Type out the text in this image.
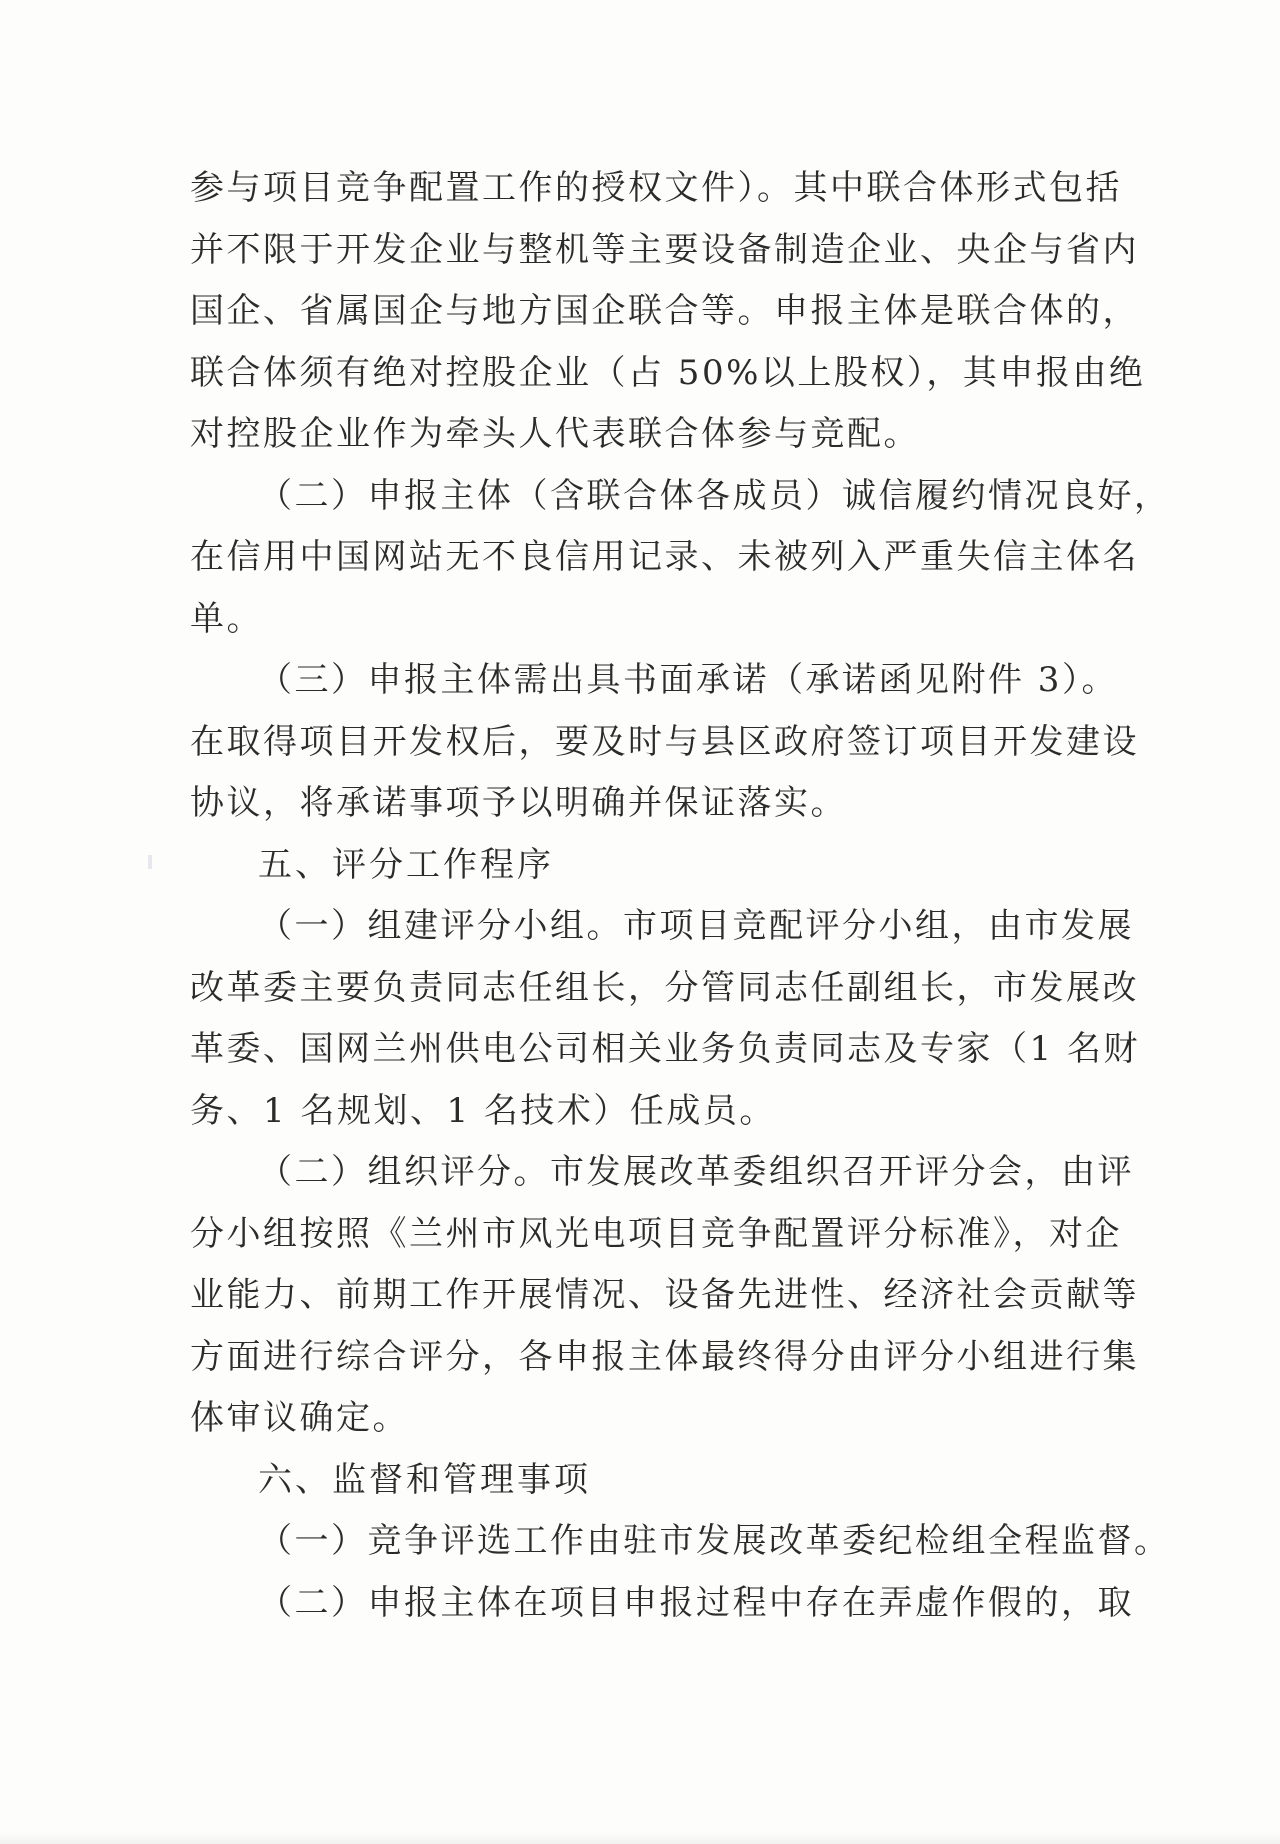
参与项目竞争配置工作的授权文件）。其中联合体形式包括
并不限于开发企业与整机等主要设备制造企业、央企与省内
国企、省属国企与地方国企联合等。申报主体是联合体的，
联合体须有绝对控股企业（占 50%以上股权），其申报由绝
对控股企业作为牵头人代表联合体参与竞配。
（二）申报主体（含联合体各成员）诚信履约情况良好，
在信用中国网站无不良信用记录、未被列入严重失信主体名
单。
（三）申报主体需出具书面承诺（承诺函见附件 3）。
在取得项目开发权后，要及时与县区政府签订项目开发建设
协议，将承诺事项予以明确并保证落实。
五、评分工作程序
（一）组建评分小组。市项目竞配评分小组，由市发展
改革委主要负责同志任组长，分管同志任副组长，市发展改
革委、国网兰州供电公司相关业务负责同志及专家（1 名财
务、1 名规划、1 名技术）任成员。
（二）组织评分。市发展改革委组织召开评分会，由评
分小组按照《兰州市风光电项目竞争配置评分标准》，对企
业能力、前期工作开展情况、设备先进性、经济社会贡献等
方面进行综合评分，各申报主体最终得分由评分小组进行集
体审议确定。
六、监督和管理事项
（一）竞争评选工作由驻市发展改革委纪检组全程监督。
（二）申报主体在项目申报过程中存在弄虚作假的，取
